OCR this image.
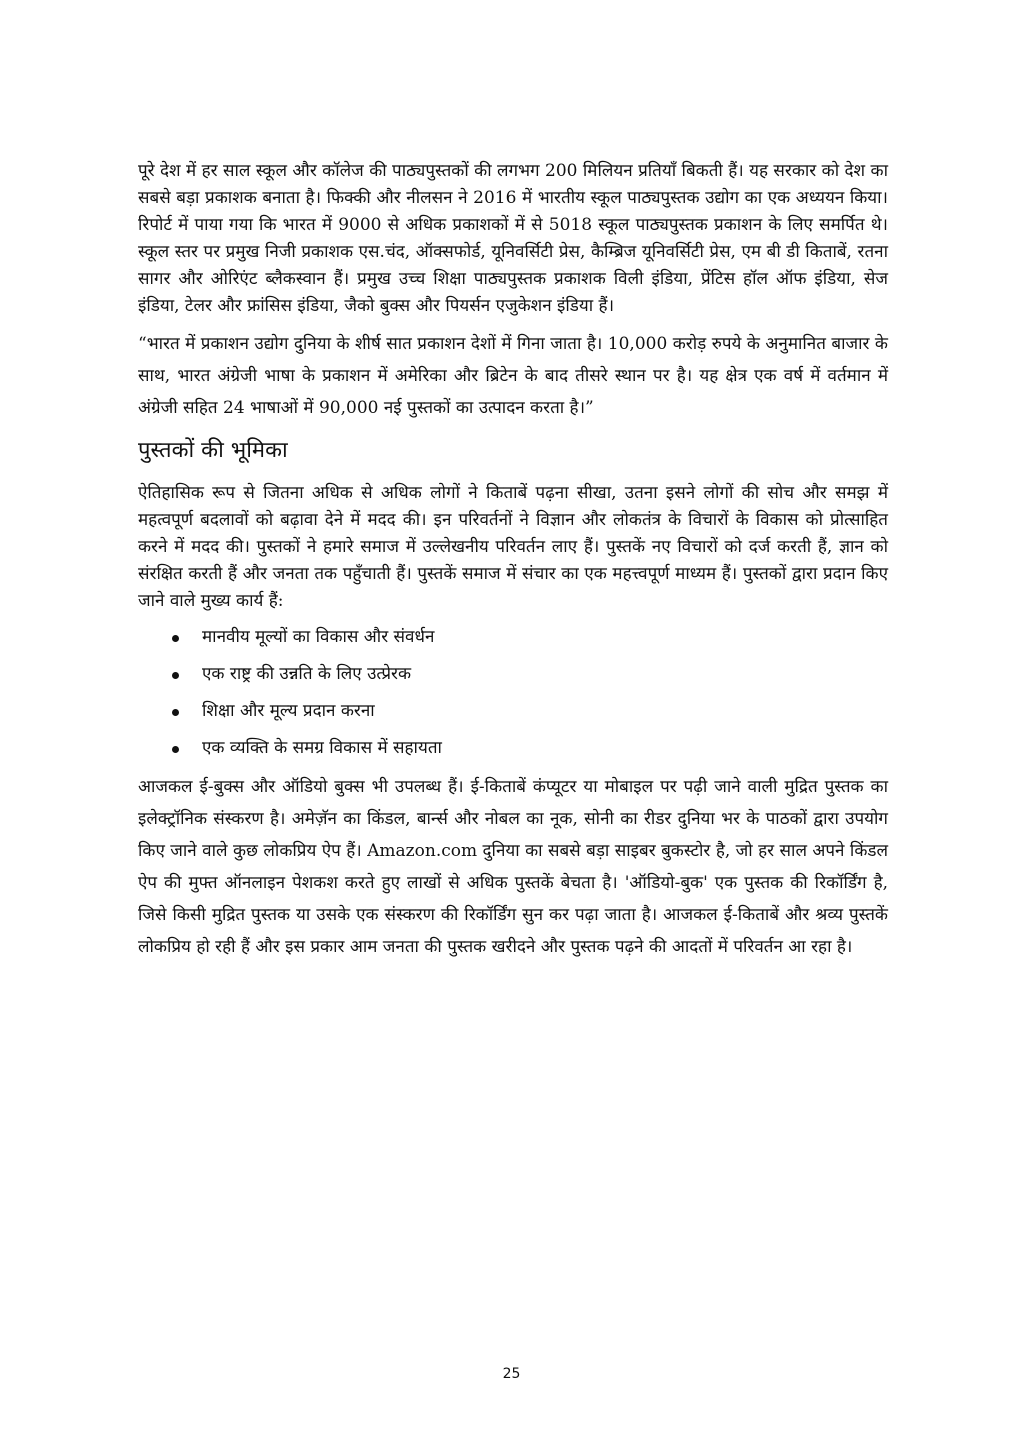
पूरे देश में हर साल स्कूल और कॉलेज की पाठ्यपुस्तकों की लगभग 200 मिलियन प्रतियाँ बिकती हैं। यह सरकार को देश का सबसे बड़ा प्रकाशक बनाता है। फिक्की और नीलसन ने 2016 में भारतीय स्कूल पाठ्यपुस्तक उद्योग का एक अध्ययन किया। रिपोर्ट में पाया गया कि भारत में 9000 से अधिक प्रकाशकों में से 5018 स्कूल पाठ्यपुस्तक प्रकाशन के लिए समर्पित थे। स्कूल स्तर पर प्रमुख निजी प्रकाशक एस.चंद, ऑक्सफोर्ड, यूनिवर्सिटी प्रेस, कैम्ब्रिज यूनिवर्सिटी प्रेस, एम बी डी किताबें, रतना सागर और ओरिएंट ब्लैकस्वान हैं। प्रमुख उच्च शिक्षा पाठ्यपुस्तक प्रकाशक विली इंडिया, प्रेंटिस हॉल ऑफ इंडिया, सेज इंडिया, टेलर और फ्रांसिस इंडिया, जैको बुक्स और पियर्सन एजुकेशन इंडिया हैं।

“भारत में प्रकाशन उद्योग दुनिया के शीर्ष सात प्रकाशन देशों में गिना जाता है। 10,000 करोड़ रुपये के अनुमानित बाजार के साथ, भारत अंग्रेजी भाषा के प्रकाशन में अमेरिका और ब्रिटेन के बाद तीसरे स्थान पर है। यह क्षेत्र एक वर्ष में वर्तमान में अंग्रेजी सहित 24 भाषाओं में 90,000 नई पुस्तकों का उत्पादन करता है।”

पुस्तकों की भूमिका

ऐतिहासिक रूप से जितना अधिक से अधिक लोगों ने किताबें पढ़ना सीखा, उतना इसने लोगों की सोच और समझ में महत्वपूर्ण बदलावों को बढ़ावा देने में मदद की। इन परिवर्तनों ने विज्ञान और लोकतंत्र के विचारों के विकास को प्रोत्साहित करने में मदद की। पुस्तकों ने हमारे समाज में उल्लेखनीय परिवर्तन लाए हैं। पुस्तकें नए विचारों को दर्ज करती हैं, ज्ञान को संरक्षित करती हैं और जनता तक पहुँचाती हैं। पुस्तकें समाज में संचार का एक महत्त्वपूर्ण माध्यम हैं। पुस्तकों द्वारा प्रदान किए जाने वाले मुख्य कार्य हैं:

मानवीय मूल्यों का विकास और संवर्धन
एक राष्ट्र की उन्नति के लिए उत्प्रेरक
शिक्षा और मूल्य प्रदान करना
एक व्यक्ति के समग्र विकास में सहायता

आजकल ई-बुक्स और ऑडियो बुक्स भी उपलब्ध हैं। ई-किताबें कंप्यूटर या मोबाइल पर पढ़ी जाने वाली मुद्रित पुस्तक का इलेक्ट्रॉनिक संस्करण है। अमेज़ॅन का किंडल, बार्न्स और नोबल का नूक, सोनी का रीडर दुनिया भर के पाठकों द्वारा उपयोग किए जाने वाले कुछ लोकप्रिय ऐप हैं। Amazon.com दुनिया का सबसे बड़ा साइबर बुकस्टोर है, जो हर साल अपने किंडल ऐप की मुफ्त ऑनलाइन पेशकश करते हुए लाखों से अधिक पुस्तकें बेचता है। 'ऑडियो-बुक' एक पुस्तक की रिकॉर्डिंग है, जिसे किसी मुद्रित पुस्तक या उसके एक संस्करण की रिकॉर्डिंग सुन कर पढ़ा जाता है। आजकल ई-किताबें और श्रव्य पुस्तकें लोकप्रिय हो रही हैं और इस प्रकार आम जनता की पुस्तक खरीदने और पुस्तक पढ़ने की आदतों में परिवर्तन आ रहा है।

25
